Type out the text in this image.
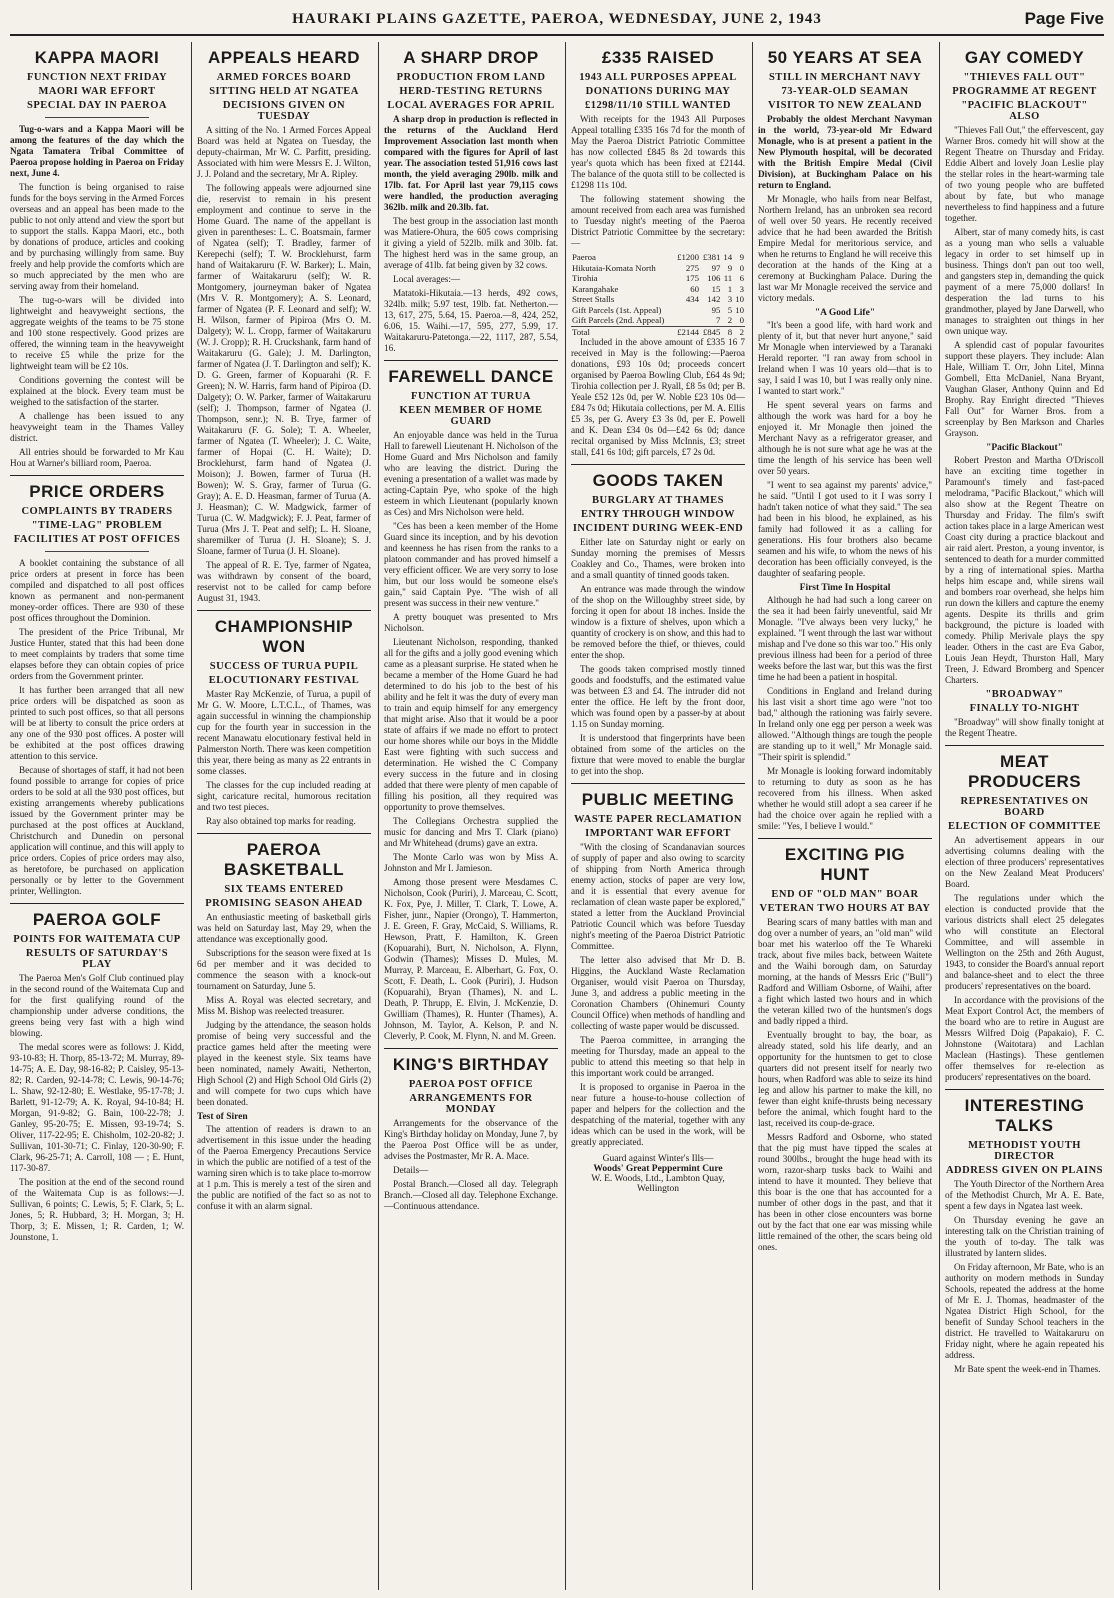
HAURAKI PLAINS GAZETTE, PAEROA, WEDNESDAY, JUNE 2, 1943	Page Five
KAPPA MAORI
FUNCTION NEXT FRIDAY
MAORI WAR EFFORT
SPECIAL DAY IN PAEROA

Tug-o-wars and a Kappa Maori will be among the features of the day which the Ngata Tamatera Tribal Committee of Paeroa propose holding in Paeroa on Friday next, June 4.

The function is being organised to raise funds for the boys serving in the Armed Forces overseas and an appeal has been made to the public to not only attend and view the sport but to support the stalls. Kappa Maori, etc., both by donations of produce, articles and cooking and by purchasing willingly from same. Buy freely and help provide the comforts which are so much appreciated by the men who are serving away from their homeland.

The tug-o-wars will be divided into lightweight and heavyweight sections, the aggregate weights of the teams to be 75 stone and 100 stone respectively. Good prizes are offered, the winning team in the heavyweight to receive £5 while the prize for the lightweight team will be £2 10s.

Conditions governing the contest will be explained at the block. Every team must be weighed to the satisfaction of the starter.

A challenge has been issued to any heavyweight team in the Thames Valley district.

All entries should be forwarded to Mr Kau Hou at Warner's billiard room, Paeroa.

PRICE ORDERS
COMPLAINTS BY TRADERS
"TIME-LAG" PROBLEM
FACILITIES AT POST OFFICES

A booklet containing the substance of all price orders at present in force has been compiled and dispatched to all post offices known as permanent and non-permanent money-order offices. There are 930 of these post offices throughout the Dominion.

The president of the Price Tribunal, Mr Justice Hunter, stated that this had been done to meet complaints by traders that some time elapses before they can obtain copies of price orders from the Government printer.

It has further been arranged that all new price orders will be dispatched as soon as printed to such post offices, so that all persons will be at liberty to consult the price orders at any one of the 930 post offices. A poster will be exhibited at the post offices drawing attention to this service.

Because of shortages of staff, it had not been found possible to arrange for copies of price orders to be sold at all the 930 post offices, but existing arrangements whereby publications issued by the Government printer may be purchased at the post offices at Auckland, Christchurch and Dunedin on personal application will continue, and this will apply to price orders. Copies of price orders may also, as heretofore, be purchased on application personally or by letter to the Government printer, Wellington.

PAEROA GOLF
POINTS FOR WAITEMATA CUP
RESULTS OF SATURDAY'S PLAY

The Paeroa Men's Golf Club continued play in the second round of the Waitemata Cup and for the first qualifying round of the championship under adverse conditions, the greens being very fast with a high wind blowing.

The medal scores were as follows: J. Kidd, 93-10-83; H. Thorp, 85-13-72; M. Murray, 89-14-75; A. E. Day, 98-16-82; P. Caisley, 95-13-82; R. Carden, 92-14-78; C. Lewis, 90-14-76; L. Shaw, 92-12-80; E. Westlake, 95-17-78; J. Barlett, 91-12-79; A. K. Royal, 94-10-84; H. Morgan, 91-9-82; G. Bain, 100-22-78; J. Ganley, 95-20-75; E. Missen, 93-19-74; S. Oliver, 117-22-95; E. Chisholm, 102-20-82; J. Sullivan, 101-30-71; C. Finlay, 120-30-90; F. Clark, 96-25-71; A. Carroll, 108 — ; E. Hunt, 117-30-87.

The position at the end of the second round of the Waitemata Cup is as follows:—J. Sullivan, 6 points; C. Lewis, 5; F. Clark, 5; L. Jones, 5; R. Hubbard, 3; H. Morgan, 3; H. Thorp, 3; E. Missen, 1; R. Carden, 1; W. Jounstone, 1.

APPEALS HEARD
ARMED FORCES BOARD
SITTING HELD AT NGATEA
DECISIONS GIVEN ON TUESDAY

A sitting of the No. 1 Armed Forces Appeal Board was held at Ngatea on Tuesday, the deputy-chairman, Mr W. C. Parfitt, presiding. Associated with him were Messrs E. J. Wilton, J. J. Poland and the secretary, Mr A. Ripley.

The following appeals were adjourned sine die, reservist to remain in his present employment and continue to serve in the Home Guard. The name of the appellant is given in parentheses: L. C. Boatsmain, farmer of Ngatea (self); T. Bradley, farmer of Kerepechi (self); T. W. Brocklehurst, farm hand of Waitakaruru (F. W. Barker); L. Main, farmer of Waitakaruru (self); W. R. Montgomery, journeyman baker of Ngatea (Mrs V. R. Montgomery); A. S. Leonard, farmer of Ngatea (P. F. Leonard and self); W. H. Wilson, farmer of Pipiroa (Mrs O. M. Dalgety); W. L. Cropp, farmer of Waitakaruru (W. J. Cropp); R. H. Cruckshank, farm hand of Waitakaruru (G. Gale); J. M. Darlington, farmer of Ngatea (J. T. Darlington and self); K. D. G. Green, farmer of Kopuarahi (R. F. Green); N. W. Harris, farm hand of Pipiroa (D. Dalgety); O. W. Parker, farmer of Waitakaruru (self); J. Thompson, farmer of Ngatea (J. Thompson, senr.); N. B. Trye, farmer of Waitakaruru (F. G. Sole); T. A. Wheeler, farmer of Ngatea (T. Wheeler); J. C. Waite, farmer of Hopai (C. H. Waite); D. Brocklehurst, farm hand of Ngatea (J. Moison); J. Bowen, farmer of Turua (H. Bowen); W. S. Gray, farmer of Turua (G. Gray); A. E. D. Heasman, farmer of Turua (A. J. Heasman); C. W. Madgwick, farmer of Turua (C. W. Madgwick); F. J. Peat, farmer of Turua (Mrs J. T. Peat and self); L. H. Sloane, sharemilker of Turua (J. H. Sloane); S. J. Sloane, farmer of Turua (J. H. Sloane).

The appeal of R. E. Tye, farmer of Ngatea, was withdrawn by consent of the board, reservist not to be called for camp before August 31, 1943.

CHAMPIONSHIP WON
SUCCESS OF TURUA PUPIL
ELOCUTIONARY FESTIVAL

Master Ray McKenzie, of Turua, a pupil of Mr G. W. Moore, L.T.C.L., of Thames, was again successful in winning the championship cup for the fourth year in succession in the recent Manawatu elocutionary festival held in Palmerston North. There was keen competition this year, there being as many as 22 entrants in some classes.

The classes for the cup included reading at sight, caricature recital, humorous recitation and two test pieces.

Ray also obtained top marks for reading.

PAEROA BASKETBALL
SIX TEAMS ENTERED
PROMISING SEASON AHEAD

An enthusiastic meeting of basketball girls was held on Saturday last, May 29, when the attendance was exceptionally good.

Subscriptions for the season were fixed at 1s 6d per member and it was decided to commence the season with a knock-out tournament on Saturday, June 5.

Miss A. Royal was elected secretary, and Miss M. Bishop was reelected treasurer.

Judging by the attendance, the season holds promise of being very successful and the practice games held after the meeting were played in the keenest style. Six teams have been nominated, namely Awaiti, Netherton, High School (2) and High School Old Girls (2) and will compete for two cups which have been donated.

Test of Siren

The attention of readers is drawn to an advertisement in this issue under the heading of the Paeroa Emergency Precautions Service in which the public are notified of a test of the warning siren which is to take place to-morrow at 1 p.m. This is merely a test of the siren and the public are notified of the fact so as not to confuse it with an alarm signal.

A SHARP DROP
PRODUCTION FROM LAND
HERD-TESTING RETURNS
LOCAL AVERAGES FOR APRIL

A sharp drop in production is reflected in the returns of the Auckland Herd Improvement Association last month when compared with the figures for April of last year. The association tested 51,916 cows last month, the yield averaging 290lb. milk and 17lb. fat. For April last year 79,115 cows were handled, the production averaging 362lb. milk and 20.3lb. fat.

The best group in the association last month was Matiere-Ohura, the 605 cows comprising it giving a yield of 522lb. milk and 30lb. fat. The highest herd was in the same group, an average of 41lb. fat being given by 32 cows.

Local averages:—

Matatoki-Hikutaia.—13 herds, 492 cows, 324lb. milk; 5.97 test, 19lb. fat. Netherton.—13, 617, 275, 5.64, 15. Paeroa.—8, 424, 252, 6.06, 15. Waihi.—17, 595, 277, 5.99, 17. Waitakaruru-Patetonga.—22, 1117, 287, 5.54, 16.

FAREWELL DANCE
FUNCTION AT TURUA
KEEN MEMBER OF HOME GUARD

An enjoyable dance was held in the Turua Hall to farewell Lieutenant H. Nicholson of the Home Guard and Mrs Nicholson and family who are leaving the district. During the evening a presentation of a wallet was made by acting-Captain Pye, who spoke of the high esteem in which Lieutenant (popularly known as Ces) and Mrs Nicholson were held.

"Ces has been a keen member of the Home Guard since its inception, and by his devotion and keenness he has risen from the ranks to a platoon commander and has proved himself a very efficient officer. We are very sorry to lose him, but our loss would be someone else's gain," said Captain Pye. "The wish of all present was success in their new venture."

A pretty bouquet was presented to Mrs Nicholson.

Lieutenant Nicholson, responding, thanked all for the gifts and a jolly good evening which came as a pleasant surprise. He stated when he became a member of the Home Guard he had determined to do his job to the best of his ability and he felt it was the duty of every man to train and equip himself for any emergency that might arise. Also that it would be a poor state of affairs if we made no effort to protect our home shores while our boys in the Middle East were fighting with such success and determination. He wished the C Company every success in the future and in closing added that there were plenty of men capable of filling his position, all they required was opportunity to prove themselves.

The Collegians Orchestra supplied the music for dancing and Mrs T. Clark (piano) and Mr Whitehead (drums) gave an extra.

The Monte Carlo was won by Miss A. Johnston and Mr I. Jamieson.

Among those present were Mesdames C. Nicholson, Cook (Puriri), J. Marceau, C. Scott, K. Fox, Pye, J. Miller, T. Clark, T. Lowe, A. Fisher, junr., Napier (Orongo), T. Hammerton, J. E. Green, F. Gray, McCaid, S. Williams, R. Hewson, Pratt, F. Hamilton, K. Green (Kopuarahi), Burt, N. Nicholson, A. Flynn, Godwin (Thames); Misses D. Mules, M. Murray, P. Marceau, E. Alberhart, G. Fox, O. Scott, F. Death, L. Cook (Puriri), J. Hudson (Kopuarahi), Bryan (Thames), N. and L. Death, P. Thrupp, E. Elvin, J. McKenzie, D. Gwilliam (Thames), R. Hunter (Thames), A. Johnson, M. Taylor, A. Kelson, P. and N. Cleverly, P. Cook, M. Flynn, N. and M. Green.

KING'S BIRTHDAY
PAEROA POST OFFICE
ARRANGEMENTS FOR MONDAY

Arrangements for the observance of the King's Birthday holiday on Monday, June 7, by the Paeroa Post Office will be as under, advises the Postmaster, Mr R. A. Mace.

Details—

Postal Branch.—Closed all day. Telegraph Branch.—Closed all day. Telephone Exchange.—Continuous attendance.

£335 RAISED
1943 ALL PURPOSES APPEAL
DONATIONS DURING MAY
£1298/11/10 STILL WANTED

With receipts for the 1943 All Purposes Appeal totalling £335 16s 7d for the month of May the Paeroa District Patriotic Committee has now collected £845 8s 2d towards this year's quota which has been fixed at £2144. The balance of the quota still to be collected is £1298 11s 10d.

The following statement showing the amount received from each area was furnished to Tuesday night's meeting of the Paeroa District Patriotic Committee by the secretary:—

Paeroa	£1200	£381	14	9
Hikutaia-Komata North	275	97	9	0
Tirohia	175	106	11	6
Karangahake	60	15	1	3
Street Stalls	434	142	3	10
Gift Parcels (1st. Appeal)		95	5	10
Gift Parcels (2nd. Appeal)		7	2	0
Total	£2144	£845	8	2

Included in the above amount of £335 16 7 received in May is the following:—Paeroa donations, £93 10s 0d; proceeds concert organised by Paeroa Bowling Club, £64 4s 9d; Tirohia collection per J. Ryall, £8 5s 0d; per B. Yeale £52 12s 0d, per W. Noble £23 10s 0d—£84 7s 0d; Hikutaia collections, per M. A. Ellis £5 3s, per G. Avery £3 3s 0d, per E. Powell and K. Dean £34 0s 0d—£42 6s 0d; dance recital organised by Miss McInnis, £3; street stall, £41 6s 10d; gift parcels, £7 2s 0d.

GOODS TAKEN
BURGLARY AT THAMES
ENTRY THROUGH WINDOW
INCIDENT DURING WEEK-END

Either late on Saturday night or early on Sunday morning the premises of Messrs Coakley and Co., Thames, were broken into and a small quantity of tinned goods taken.

An entrance was made through the window of the shop on the Willoughby street side, by forcing it open for about 18 inches. Inside the window is a fixture of shelves, upon which a quantity of crockery is on show, and this had to be removed before the thief, or thieves, could enter the shop.

The goods taken comprised mostly tinned goods and foodstuffs, and the estimated value was between £3 and £4. The intruder did not enter the office. He left by the front door, which was found open by a passer-by at about 1.15 on Sunday morning.

It is understood that fingerprints have been obtained from some of the articles on the fixture that were moved to enable the burglar to get into the shop.

PUBLIC MEETING
WASTE PAPER RECLAMATION
IMPORTANT WAR EFFORT

"With the closing of Scandanavian sources of supply of paper and also owing to scarcity of shipping from North America through enemy action, stocks of paper are very low, and it is essential that every avenue for reclamation of clean waste paper be explored," stated a letter from the Auckland Provincial Patriotic Council which was before Tuesday night's meeting of the Paeroa District Patriotic Committee.

The letter also advised that Mr D. B. Higgins, the Auckland Waste Reclamation Organiser, would visit Paeroa on Thursday, June 3, and address a public meeting in the Coronation Chambers (Ohinemuri County Council Office) when methods of handling and collecting of waste paper would be discussed.

The Paeroa committee, in arranging the meeting for Thursday, made an appeal to the public to attend this meeting so that help in this important work could be arranged.

It is proposed to organise in Paeroa in the near future a house-to-house collection of paper and helpers for the collection and the despatching of the material, together with any ideas which can be used in the work, will be greatly appreciated.

Guard against Winter's Ills—
Woods' Great Peppermint Cure
W. E. Woods, Ltd., Lambton Quay, Wellington
50 YEARS AT SEA
STILL IN MERCHANT NAVY
73-YEAR-OLD SEAMAN
VISITOR TO NEW ZEALAND

Probably the oldest Merchant Navyman in the world, 73-year-old Mr Edward Monagle, who is at present a patient in the New Plymouth hospital, will be decorated with the British Empire Medal (Civil Division), at Buckingham Palace on his return to England.

Mr Monagle, who hails from near Belfast, Northern Ireland, has an unbroken sea record of well over 50 years. He recently received advice that he had been awarded the British Empire Medal for meritorious service, and when he returns to England he will receive this decoration at the hands of the King at a ceremony at Buckingham Palace. During the last war Mr Monagle received the service and victory medals.

"A Good Life"

"It's been a good life, with hard work and plenty of it, but that never hurt anyone," said Mr Monagle when interviewed by a Taranaki Herald reporter. "I ran away from school in Ireland when I was 10 years old—that is to say, I said I was 10, but I was really only nine. I wanted to start work."

He spent several years on farms and although the work was hard for a boy he enjoyed it. Mr Monagle then joined the Merchant Navy as a refrigerator greaser, and although he is not sure what age he was at the time the length of his service has been well over 50 years.

"I went to sea against my parents' advice," he said. "Until I got used to it I was sorry I hadn't taken notice of what they said." The sea had been in his blood, he explained, as his family had followed it as a calling for generations. His four brothers also became seamen and his wife, to whom the news of his decoration has been officially conveyed, is the daughter of seafaring people.

First Time In Hospital

Although he had had such a long career on the sea it had been fairly uneventful, said Mr Monagle. "I've always been very lucky," he explained. "I went through the last war without mishap and I've done so this war too." His only previous illness had been for a period of three weeks before the last war, but this was the first time he had been a patient in hospital.

Conditions in England and Ireland during his last visit a short time ago were "not too bad," although the rationing was fairly severe. In Ireland only one egg per person a week was allowed. "Although things are tough the people are standing up to it well," Mr Monagle said. "Their spirit is splendid."

Mr Monagle is looking forward indomitably to returning to duty as soon as he has recovered from his illness. When asked whether he would still adopt a sea career if he had the choice over again he replied with a smile: "Yes, I believe I would."

EXCITING PIG HUNT
END OF "OLD MAN" BOAR
VETERAN TWO HOURS AT BAY

Bearing scars of many battles with man and dog over a number of years, an "old man" wild boar met his waterloo off the Te Whareki track, about five miles back, between Waitete and the Waihi borough dam, on Saturday morning, at the hands of Messrs Eric ("Bull") Radford and William Osborne, of Waihi, after a fight which lasted two hours and in which the veteran killed two of the huntsmen's dogs and badly ripped a third.

Eventually brought to bay, the boar, as already stated, sold his life dearly, and an opportunity for the huntsmen to get to close quarters did not present itself for nearly two hours, when Radford was able to seize its hind leg and allow his partner to make the kill, no fewer than eight knife-thrusts being necessary before the animal, which fought hard to the last, received its coup-de-grace.

Messrs Radford and Osborne, who stated that the pig must have tipped the scales at round 300lbs., brought the huge head with its worn, razor-sharp tusks back to Waihi and intend to have it mounted. They believe that this boar is the one that has accounted for a number of other dogs in the past, and that it has been in other close encounters was borne out by the fact that one ear was missing while little remained of the other, the scars being old ones.

GAY COMEDY
"THIEVES FALL OUT"
PROGRAMME AT REGENT
"PACIFIC BLACKOUT" ALSO

"Thieves Fall Out," the effervescent, gay Warner Bros. comedy hit will show at the Regent Theatre on Thursday and Friday. Eddie Albert and lovely Joan Leslie play the stellar roles in the heart-warming tale of two young people who are buffeted about by fate, but who manage nevertheless to find happiness and a future together.

Albert, star of many comedy hits, is cast as a young man who sells a valuable legacy in order to set himself up in business. Things don't pan out too well, and gangsters step in, demanding the quick payment of a mere 75,000 dollars! In desperation the lad turns to his grandmother, played by Jane Darwell, who manages to straighten out things in her own unique way.

A splendid cast of popular favourites support these players. They include: Alan Hale, William T. Orr, John Litel, Minna Gombell, Etta McDaniel, Nana Bryant, Vaughan Glaser, Anthony Quinn and Ed Brophy. Ray Enright directed "Thieves Fall Out" for Warner Bros. from a screenplay by Ben Markson and Charles Grayson.

"Pacific Blackout"

Robert Preston and Martha O'Driscoll have an exciting time together in Paramount's timely and fast-paced melodrama, "Pacific Blackout," which will also show at the Regent Theatre on Thursday and Friday. The film's swift action takes place in a large American west Coast city during a practice blackout and air raid alert. Preston, a young inventor, is sentenced to death for a murder committed by a ring of international spies. Martha helps him escape and, while sirens wail and bombers roar overhead, she helps him run down the killers and capture the enemy agents. Despite its thrills and grim background, the picture is loaded with comedy. Philip Merivale plays the spy leader. Others in the cast are Eva Gabor, Louis Jean Heydt, Thurston Hall, Mary Treen, J. Edward Bromberg and Spencer Charters.

"BROADWAY"
FINALLY TO-NIGHT

"Broadway" will show finally tonight at the Regent Theatre.

MEAT PRODUCERS
REPRESENTATIVES ON BOARD
ELECTION OF COMMITTEE

An advertisement appears in our advertising columns dealing with the election of three producers' representatives on the New Zealand Meat Producers' Board.

The regulations under which the election is conducted provide that the various districts shall elect 25 delegates who will constitute an Electoral Committee, and will assemble in Wellington on the 25th and 26th August, 1943, to consider the Board's annual report and balance-sheet and to elect the three producers' representatives on the board.

In accordance with the provisions of the Meat Export Control Act, the members of the board who are to retire in August are Messrs Wilfred Doig (Papakaio), F. C. Johnstone (Waitotara) and Lachlan Maclean (Hastings). These gentlemen offer themselves for re-election as producers' representatives on the board.

INTERESTING TALKS
METHODIST YOUTH DIRECTOR
ADDRESS GIVEN ON PLAINS

The Youth Director of the Northern Area of the Methodist Church, Mr A. E. Bate, spent a few days in Ngatea last week.

On Thursday evening he gave an interesting talk on the Christian training of the youth of to-day. The talk was illustrated by lantern slides.

On Friday afternoon, Mr Bate, who is an authority on modern methods in Sunday Schools, repeated the address at the home of Mr E. J. Thomas, headmaster of the Ngatea District High School, for the benefit of Sunday School teachers in the district. He travelled to Waitakaruru on Friday night, where he again repeated his address.

Mr Bate spent the week-end in Thames.
